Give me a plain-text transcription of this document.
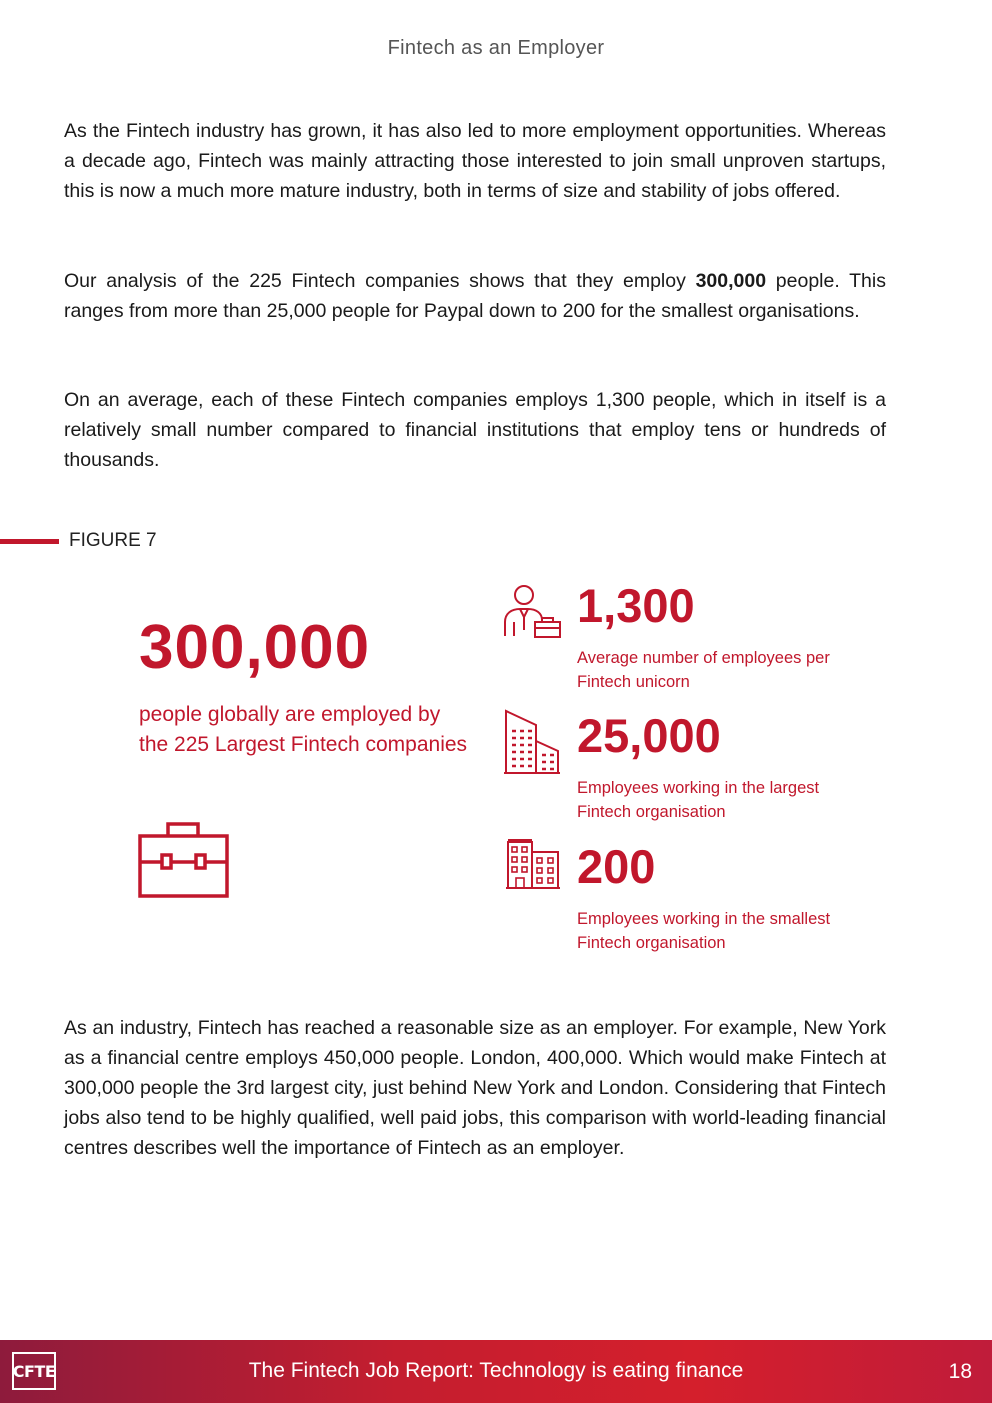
Fintech as an Employer

As the Fintech industry has grown, it has also led to more employment opportunities. Whereas a decade ago, Fintech was mainly attracting those interested to join small unproven startups, this is now a much more mature industry, both in terms of size and stability of jobs offered.

Our analysis of the 225 Fintech companies shows that they employ 300,000 people. This ranges from more than 25,000 people for Paypal down to 200 for the smallest organisations.

On an average, each of these Fintech companies employs 1,300 people, which in itself is a relatively small number compared to financial institutions that employ tens or hundreds of thousands.

FIGURE 7
300,000
people globally are employed by the 225 Largest Fintech companies
1,300
Average number of employees per Fintech unicorn
25,000
Employees working in the largest Fintech organisation
200
Employees working in the smallest Fintech organisation

As an industry, Fintech has reached a reasonable size as an employer. For example, New York as a financial centre employs 450,000 people. London, 400,000. Which would make Fintech at 300,000 people the 3rd largest city, just behind New York and London. Considering that Fintech jobs also tend to be highly qualified, well paid jobs, this comparison with world-leading financial centres describes well the importance of Fintech as an employer.

CFTE	The Fintech Job Report: Technology is eating finance	18
